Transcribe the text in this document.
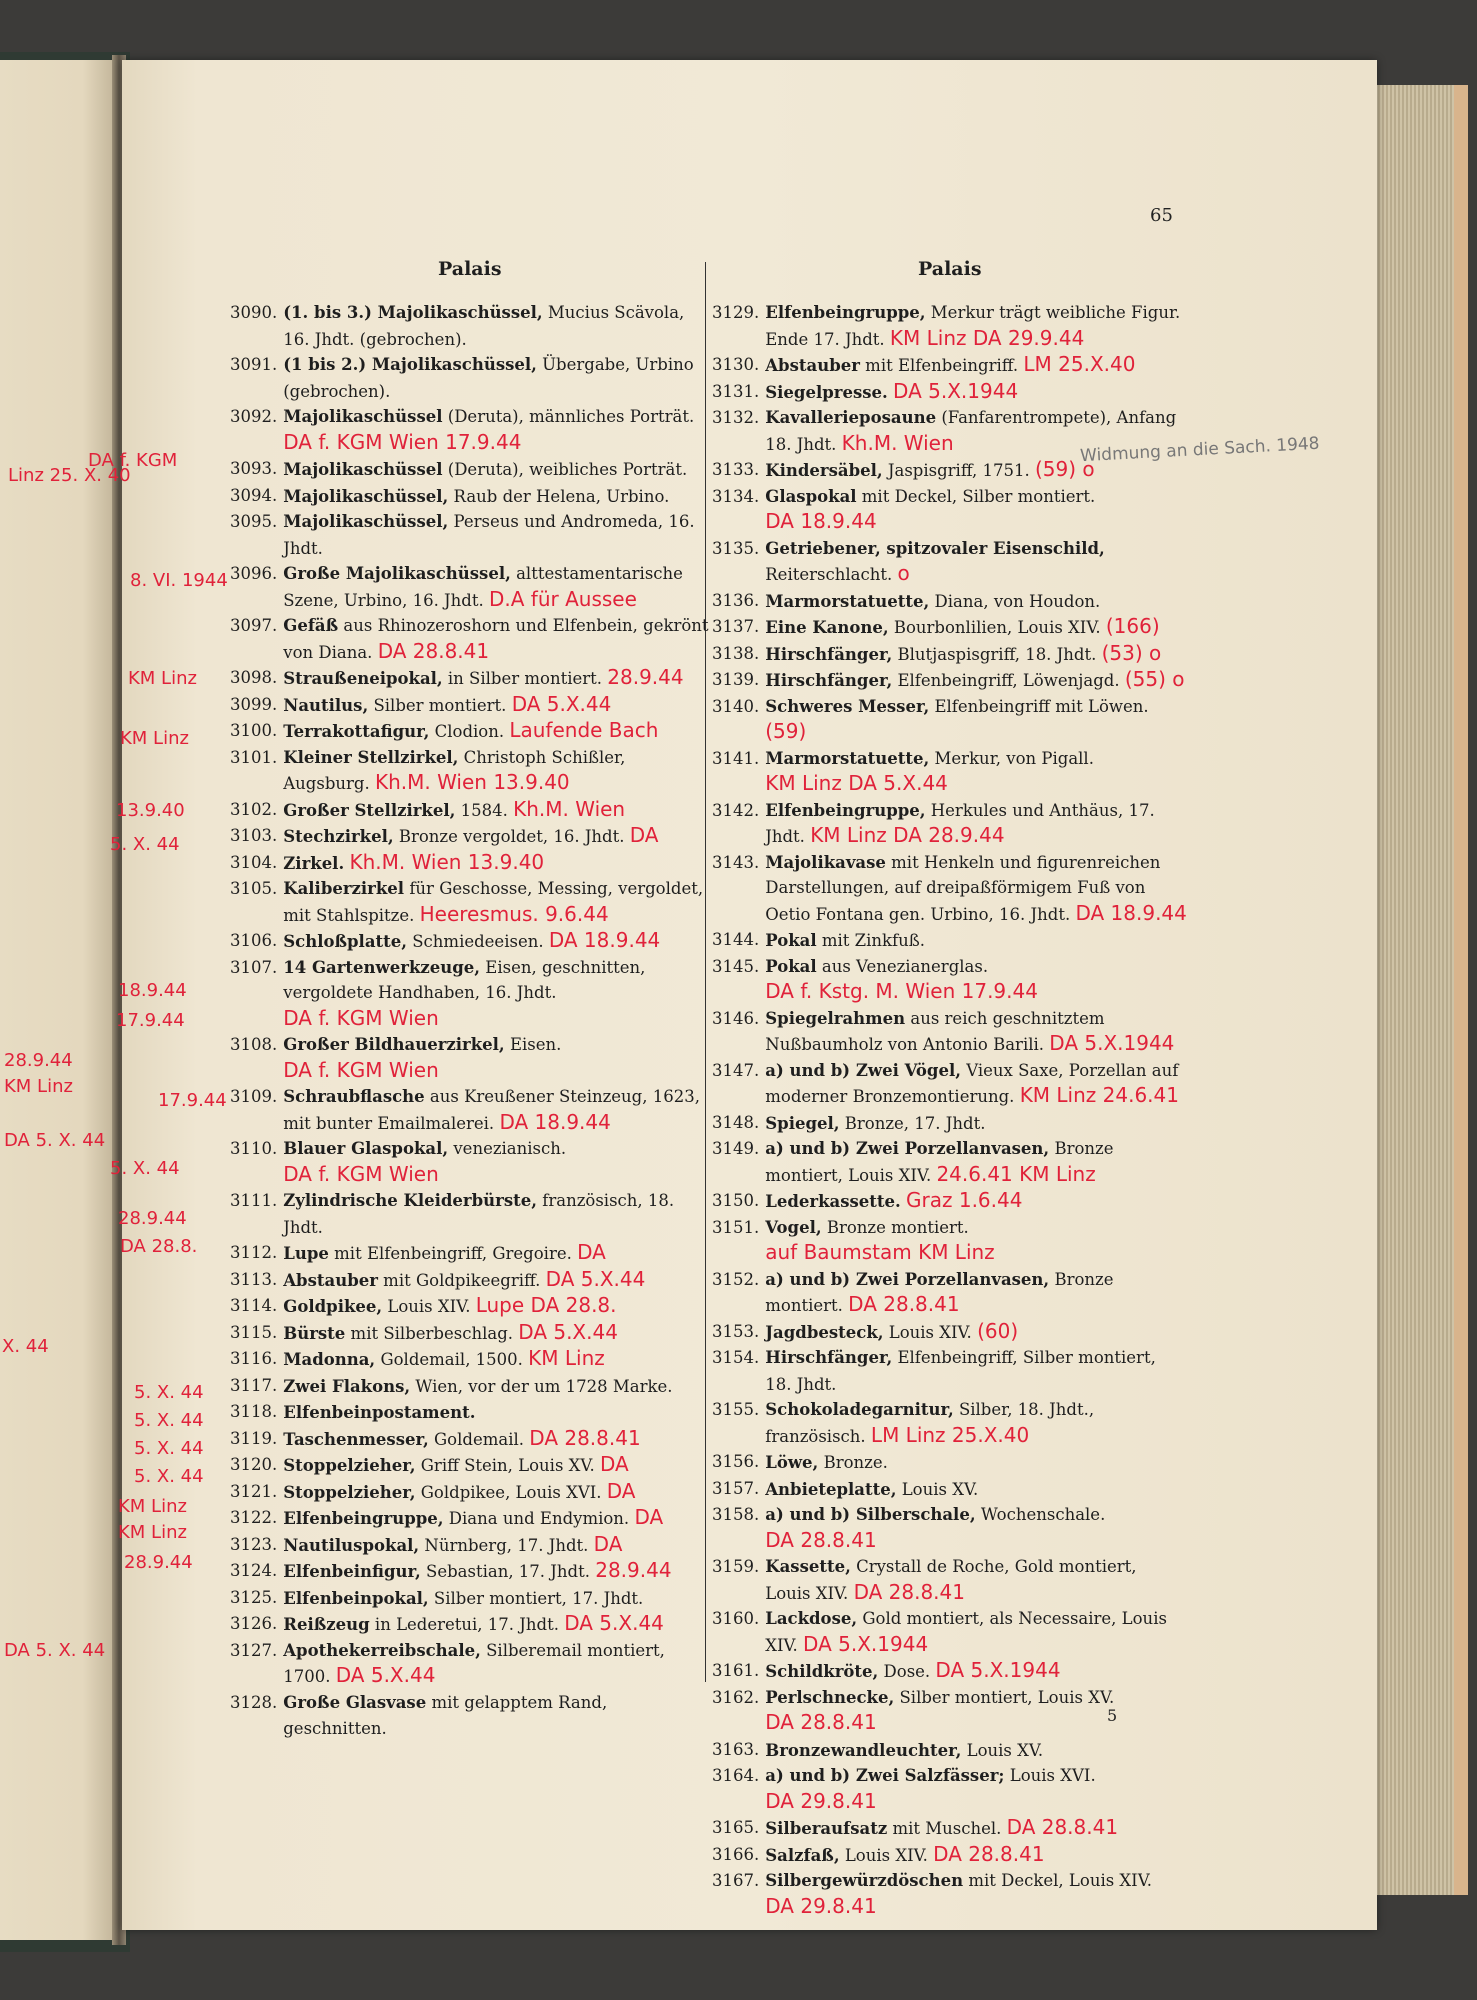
65
Palais	Palais
3090. (1. bis 3.) Majolikaschüssel, Mucius Scävola, 16. Jhdt. (gebrochen).
3091. (1 bis 2.) Majolikaschüssel, Übergabe, Urbino (gebrochen).
3092. Majolikaschüssel (Deruta), männliches Porträt. DA f. KGM Wien 17.9.44
3093. Majolikaschüssel (Deruta), weibliches Porträt.
3094. Majolikaschüssel, Raub der Helena, Urbino.
3095. Majolikaschüssel, Perseus und Andromeda, 16. Jhdt.
3096. Große Majolikaschüssel, alttestamentarische Szene, Urbino, 16. Jhdt. D.A für Aussee
3097. Gefäß aus Rhinozeroshorn und Elfenbein, gekrönt von Diana. DA 28.8.41
3098. Straußeneipokal, in Silber montiert. 28.9.44
3099. Nautilus, Silber montiert. DA 5.X.44
3100. Terrakottafigur, Clodion. Laufende Bach
3101. Kleiner Stellzirkel, Christoph Schißler, Augsburg. Kh.M. Wien 13.9.40
3102. Großer Stellzirkel, 1584. Kh.M. Wien
3103. Stechzirkel, Bronze vergoldet, 16. Jhdt. DA
3104. Zirkel. Kh.M. Wien 13.9.40
3105. Kaliberzirkel für Geschosse, Messing, vergoldet, mit Stahlspitze. Heeresmus. 9.6.44
3106. Schloßplatte, Schmiedeeisen. DA 18.9.44
3107. 14 Gartenwerkzeuge, Eisen, geschnitten, vergoldete Handhaben, 16. Jhdt. DA f. KGM Wien
3108. Großer Bildhauerzirkel, Eisen. DA f. KGM Wien
3109. Schraubflasche aus Kreußener Steinzeug, 1623, mit bunter Emailmalerei. DA 18.9.44
3110. Blauer Glaspokal, venezianisch. DA f. KGM Wien
3111. Zylindrische Kleiderbürste, französisch, 18. Jhdt.
3112. Lupe mit Elfenbeingriff, Gregoire. DA
3113. Abstauber mit Goldpikeegriff. DA 5.X.44
3114. Goldpikee, Louis XIV. Lupe DA 28.8.
3115. Bürste mit Silberbeschlag. DA 5.X.44
3116. Madonna, Goldemail, 1500. KM Linz
3117. Zwei Flakons, Wien, vor der um 1728 Marke.
3118. Elfenbeinpostament.
3119. Taschenmesser, Goldemail. DA 28.8.41
3120. Stoppelzieher, Griff Stein, Louis XV. DA
3121. Stoppelzieher, Goldpikee, Louis XVI. DA
3122. Elfenbeingruppe, Diana und Endymion. DA
3123. Nautiluspokal, Nürnberg, 17. Jhdt. DA
3124. Elfenbeinfigur, Sebastian, 17. Jhdt. 28.9.44
3125. Elfenbeinpokal, Silber montiert, 17. Jhdt.
3126. Reißzeug in Lederetui, 17. Jhdt. DA 5.X.44
3127. Apothekerreibschale, Silberemail montiert, 1700. DA 5.X.44
3128. Große Glasvase mit gelapptem Rand, geschnitten.
3129. Elfenbeingruppe, Merkur trägt weibliche Figur. Ende 17. Jhdt. KM Linz DA 29.9.44
3130. Abstauber mit Elfenbeingriff. LM 25.X.40
3131. Siegelpresse. DA 5.X.1944
3132. Kavallerieposaune (Fanfarentrompete), Anfang 18. Jhdt. Kh.M. Wien
3133. Kindersäbel, Jaspisgriff, 1751. (59) o
3134. Glaspokal mit Deckel, Silber montiert. DA 18.9.44
3135. Getriebener, spitzovaler Eisenschild, Reiterschlacht. o
3136. Marmorstatuette, Diana, von Houdon.
3137. Eine Kanone, Bourbonlilien, Louis XIV. (166)
3138. Hirschfänger, Blutjaspisgriff, 18. Jhdt. (53) o
3139. Hirschfänger, Elfenbeingriff, Löwenjagd. (55) o
3140. Schweres Messer, Elfenbeingriff mit Löwen. (59)
3141. Marmorstatuette, Merkur, von Pigall. KM Linz DA 5.X.44
3142. Elfenbeingruppe, Herkules und Anthäus, 17. Jhdt. KM Linz DA 28.9.44
3143. Majolikavase mit Henkeln und figurenreichen Darstellungen, auf dreipaßförmigem Fuß von Oetio Fontana gen. Urbino, 16. Jhdt. DA 18.9.44
3144. Pokal mit Zinkfuß.
3145. Pokal aus Venezianerglas. DA f. Kstg. M. Wien 17.9.44
3146. Spiegelrahmen aus reich geschnitztem Nußbaumholz von Antonio Barili. DA 5.X.1944
3147. a) und b) Zwei Vögel, Vieux Saxe, Porzellan auf moderner Bronzemontierung. KM Linz 24.6.41
3148. Spiegel, Bronze, 17. Jhdt.
3149. a) und b) Zwei Porzellanvasen, Bronze montiert, Louis XIV. 24.6.41 KM Linz
3150. Lederkassette. Graz 1.6.44
3151. Vogel, Bronze montiert. auf Baumstam KM Linz
3152. a) und b) Zwei Porzellanvasen, Bronze montiert. DA 28.8.41
3153. Jagdbesteck, Louis XIV. (60)
3154. Hirschfänger, Elfenbeingriff, Silber montiert, 18. Jhdt.
3155. Schokoladegarnitur, Silber, 18. Jhdt., französisch. LM Linz 25.X.40
3156. Löwe, Bronze.
3157. Anbieteplatte, Louis XV.
3158. a) und b) Silberschale, Wochenschale. DA 28.8.41
3159. Kassette, Crystall de Roche, Gold montiert, Louis XIV. DA 28.8.41
3160. Lackdose, Gold montiert, als Necessaire, Louis XIV. DA 5.X.1944
3161. Schildkröte, Dose. DA 5.X.1944
3162. Perlschnecke, Silber montiert, Louis XV. DA 28.8.41
3163. Bronzewandleuchter, Louis XV.
3164. a) und b) Zwei Salzfässer; Louis XVI. DA 29.8.41
3165. Silberaufsatz mit Muschel. DA 28.8.41
3166. Salzfaß, Louis XIV. DA 28.8.41
3167. Silbergewürzdöschen mit Deckel, Louis XIV. DA 29.8.41
5
Linz 25. X. 40
DA f. KGM
8. VI. 1944
KM Linz
KM Linz
13.9.40
5. X. 44
18.9.44
17.9.44
28.9.44
KM Linz
17.9.44
DA 5. X. 44
5. X. 44
28.9.44
DA 28.8.
X. 44
5. X. 44
5. X. 44
5. X. 44
5. X. 44
KM Linz
KM Linz
28.9.44
DA 5. X. 44
Widmung an die Sach. 1948
